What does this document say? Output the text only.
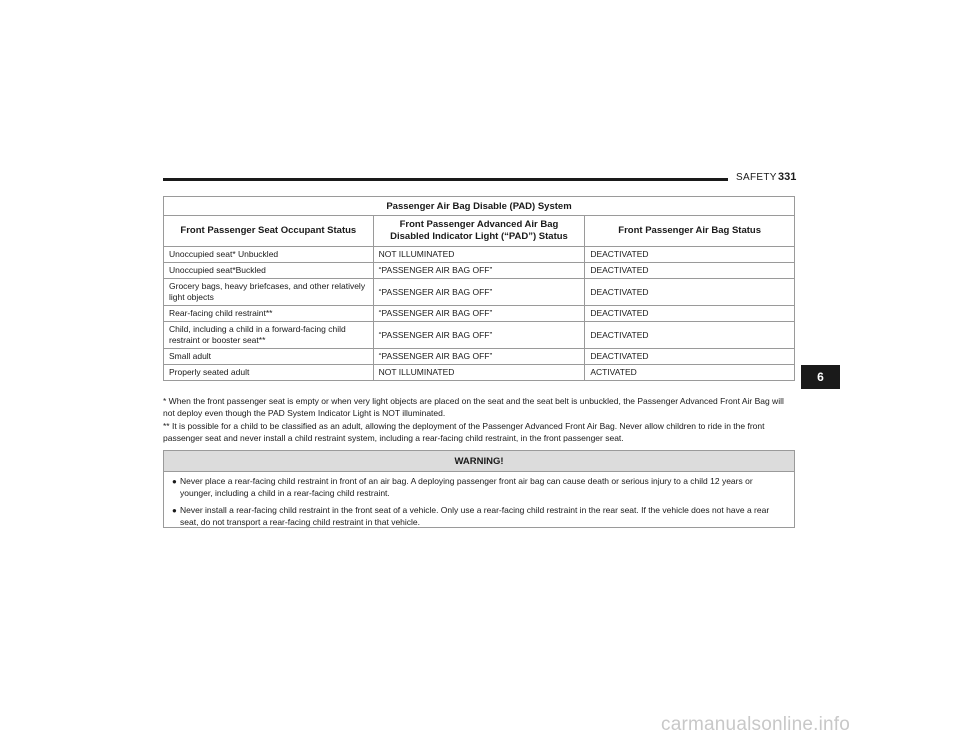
SAFETY 331
Passenger Air Bag Disable (PAD) System		
Front Passenger Seat Occupant Status	Front Passenger Advanced Air Bag Disabled Indicator Light (“PAD”) Status	Front Passenger Air Bag Status
Unoccupied seat* Unbuckled	NOT ILLUMINATED	DEACTIVATED
Unoccupied seat*Buckled	“PASSENGER AIR BAG OFF”	DEACTIVATED
Grocery bags, heavy briefcases, and other relatively light objects	“PASSENGER AIR BAG OFF”	DEACTIVATED
Rear-facing child restraint**	“PASSENGER AIR BAG OFF”	DEACTIVATED
Child, including a child in a forward-facing child restraint or booster seat**	“PASSENGER AIR BAG OFF”	DEACTIVATED
Small adult	“PASSENGER AIR BAG OFF”	DEACTIVATED
Properly seated adult	NOT ILLUMINATED	ACTIVATED

* When the front passenger seat is empty or when very light objects are placed on the seat and the seat belt is unbuckled, the Passenger Advanced Front Air Bag will not deploy even though the PAD System Indicator Light is NOT illuminated.

** It is possible for a child to be classified as an adult, allowing the deployment of the Passenger Advanced Front Air Bag. Never allow children to ride in the front passenger seat and never install a child restraint system, including a rear-facing child restraint, in the front passenger seat.

WARNING!
● Never place a rear-facing child restraint in front of an air bag. A deploying passenger front air bag can cause death or serious injury to a child 12 years or younger, including a child in a rear-facing child restraint.
● Never install a rear-facing child restraint in the front seat of a vehicle. Only use a rear-facing child restraint in the rear seat. If the vehicle does not have a rear seat, do not transport a rear-facing child restraint in that vehicle.
6
carmanualsonline.info
